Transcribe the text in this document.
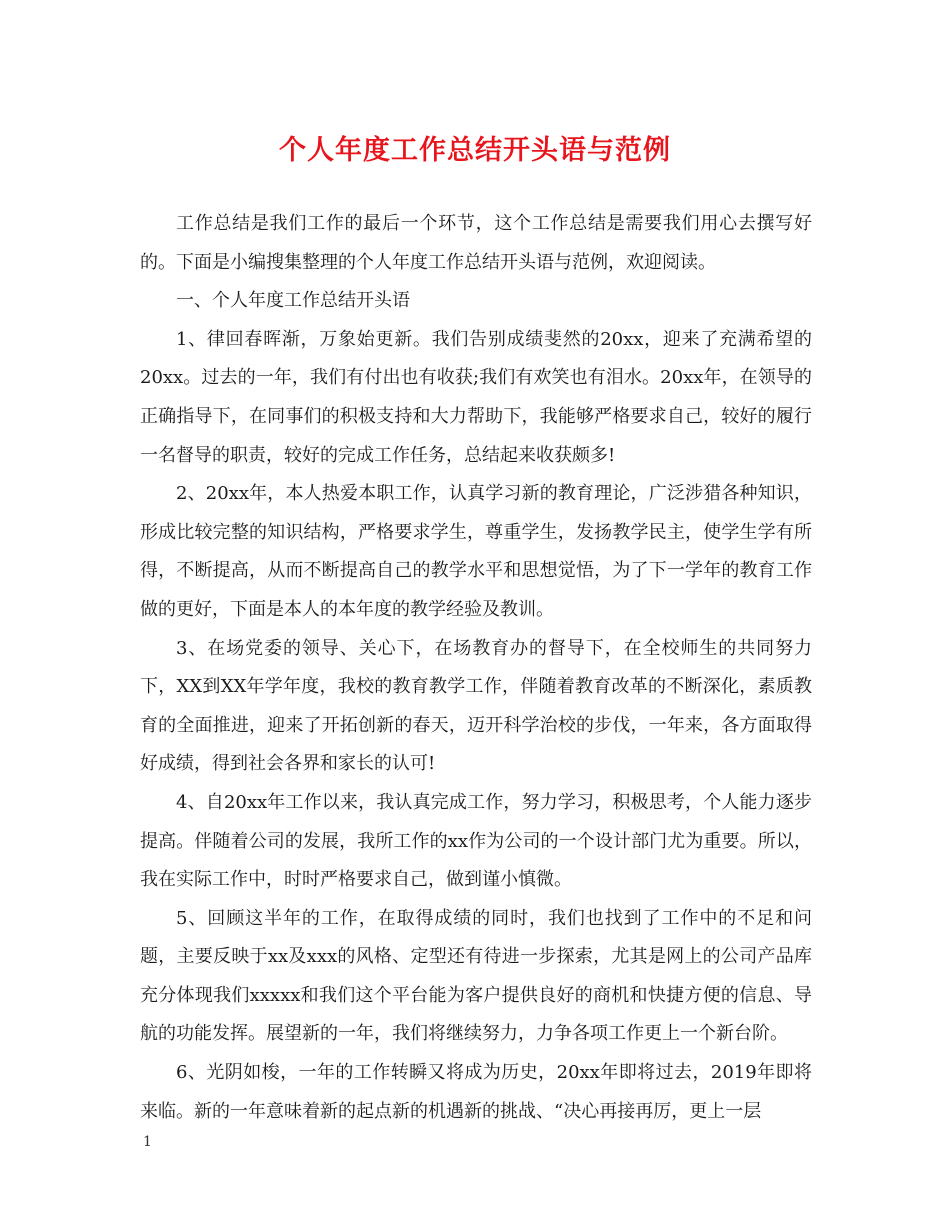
个人年度工作总结开头语与范例

工作总结是我们工作的最后一个环节，这个工作总结是需要我们用心去撰写好的。下面是小编搜集整理的个人年度工作总结开头语与范例，欢迎阅读。

一、个人年度工作总结开头语

1、律回春晖渐，万象始更新。我们告别成绩斐然的20xx，迎来了充满希望的20xx。过去的一年，我们有付出也有收获;我们有欢笑也有泪水。20xx年，在领导的正确指导下，在同事们的积极支持和大力帮助下，我能够严格要求自己，较好的履行一名督导的职责，较好的完成工作任务，总结起来收获颇多!

2、20xx年，本人热爱本职工作，认真学习新的教育理论，广泛涉猎各种知识，形成比较完整的知识结构，严格要求学生，尊重学生，发扬教学民主，使学生学有所得，不断提高，从而不断提高自己的教学水平和思想觉悟，为了下一学年的教育工作做的更好，下面是本人的本年度的教学经验及教训。

3、在场党委的领导、关心下，在场教育办的督导下，在全校师生的共同努力下，XX到XX年学年度，我校的教育教学工作，伴随着教育改革的不断深化，素质教育的全面推进，迎来了开拓创新的春天，迈开科学治校的步伐，一年来，各方面取得好成绩，得到社会各界和家长的认可!

4、自20xx年工作以来，我认真完成工作，努力学习，积极思考，个人能力逐步提高。伴随着公司的发展，我所工作的xx作为公司的一个设计部门尤为重要。所以，我在实际工作中，时时严格要求自己，做到谨小慎微。

5、回顾这半年的工作，在取得成绩的同时，我们也找到了工作中的不足和问题，主要反映于xx及xxx的风格、定型还有待进一步探索，尤其是网上的公司产品库充分体现我们xxxxx和我们这个平台能为客户提供良好的商机和快捷方便的信息、导航的功能发挥。展望新的一年，我们将继续努力，力争各项工作更上一个新台阶。

6、光阴如梭，一年的工作转瞬又将成为历史，20xx年即将过去，2019年即将来临。新的一年意味着新的起点新的机遇新的挑战、“决心再接再厉，更上一层

1
